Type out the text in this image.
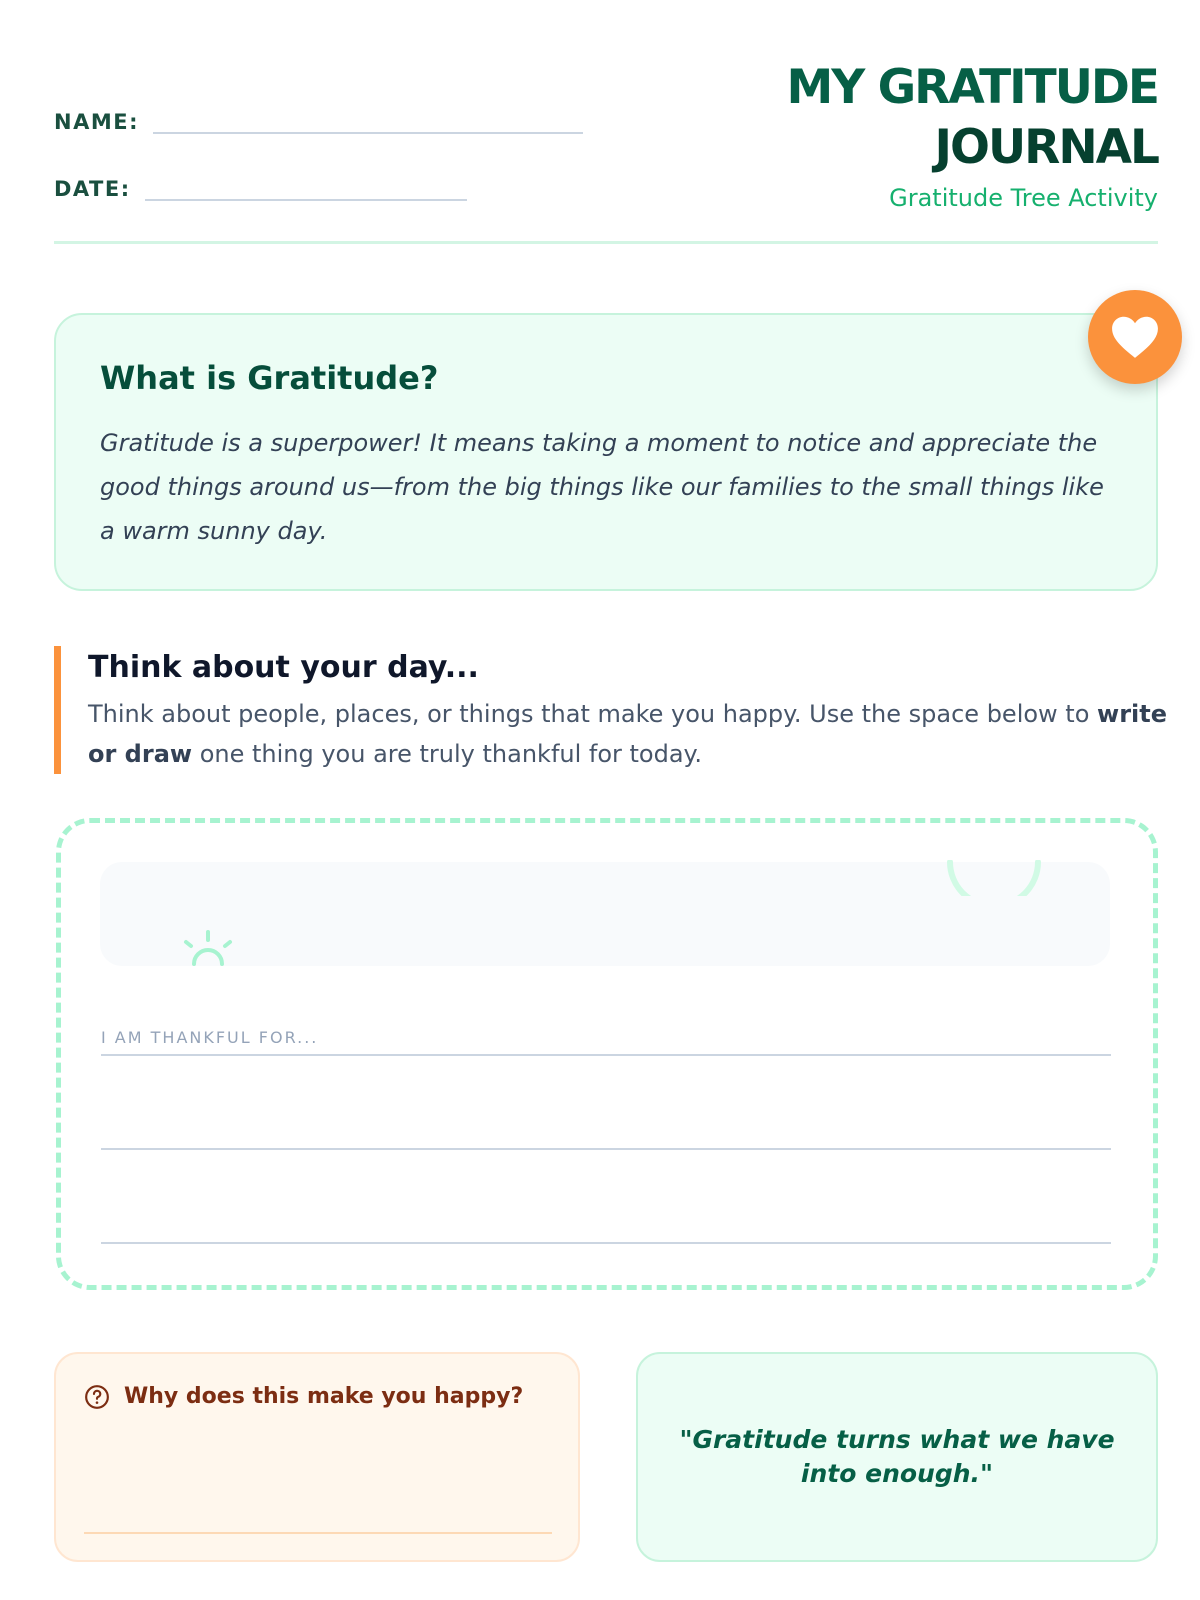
NAME:
DATE:
MY GRATITUDE
JOURNAL
Gratitude Tree Activity
What is Gratitude?
Gratitude is a superpower! It means taking a moment to notice and appreciate the good things around us—from the big things like our families to the small things like a warm sunny day.
Think about your day...
Think about people, places, or things that make you happy. Use the space below to write or draw one thing you are truly thankful for today.
I AM THANKFUL FOR...
Why does this make you happy?
"Gratitude turns what we have into enough."
